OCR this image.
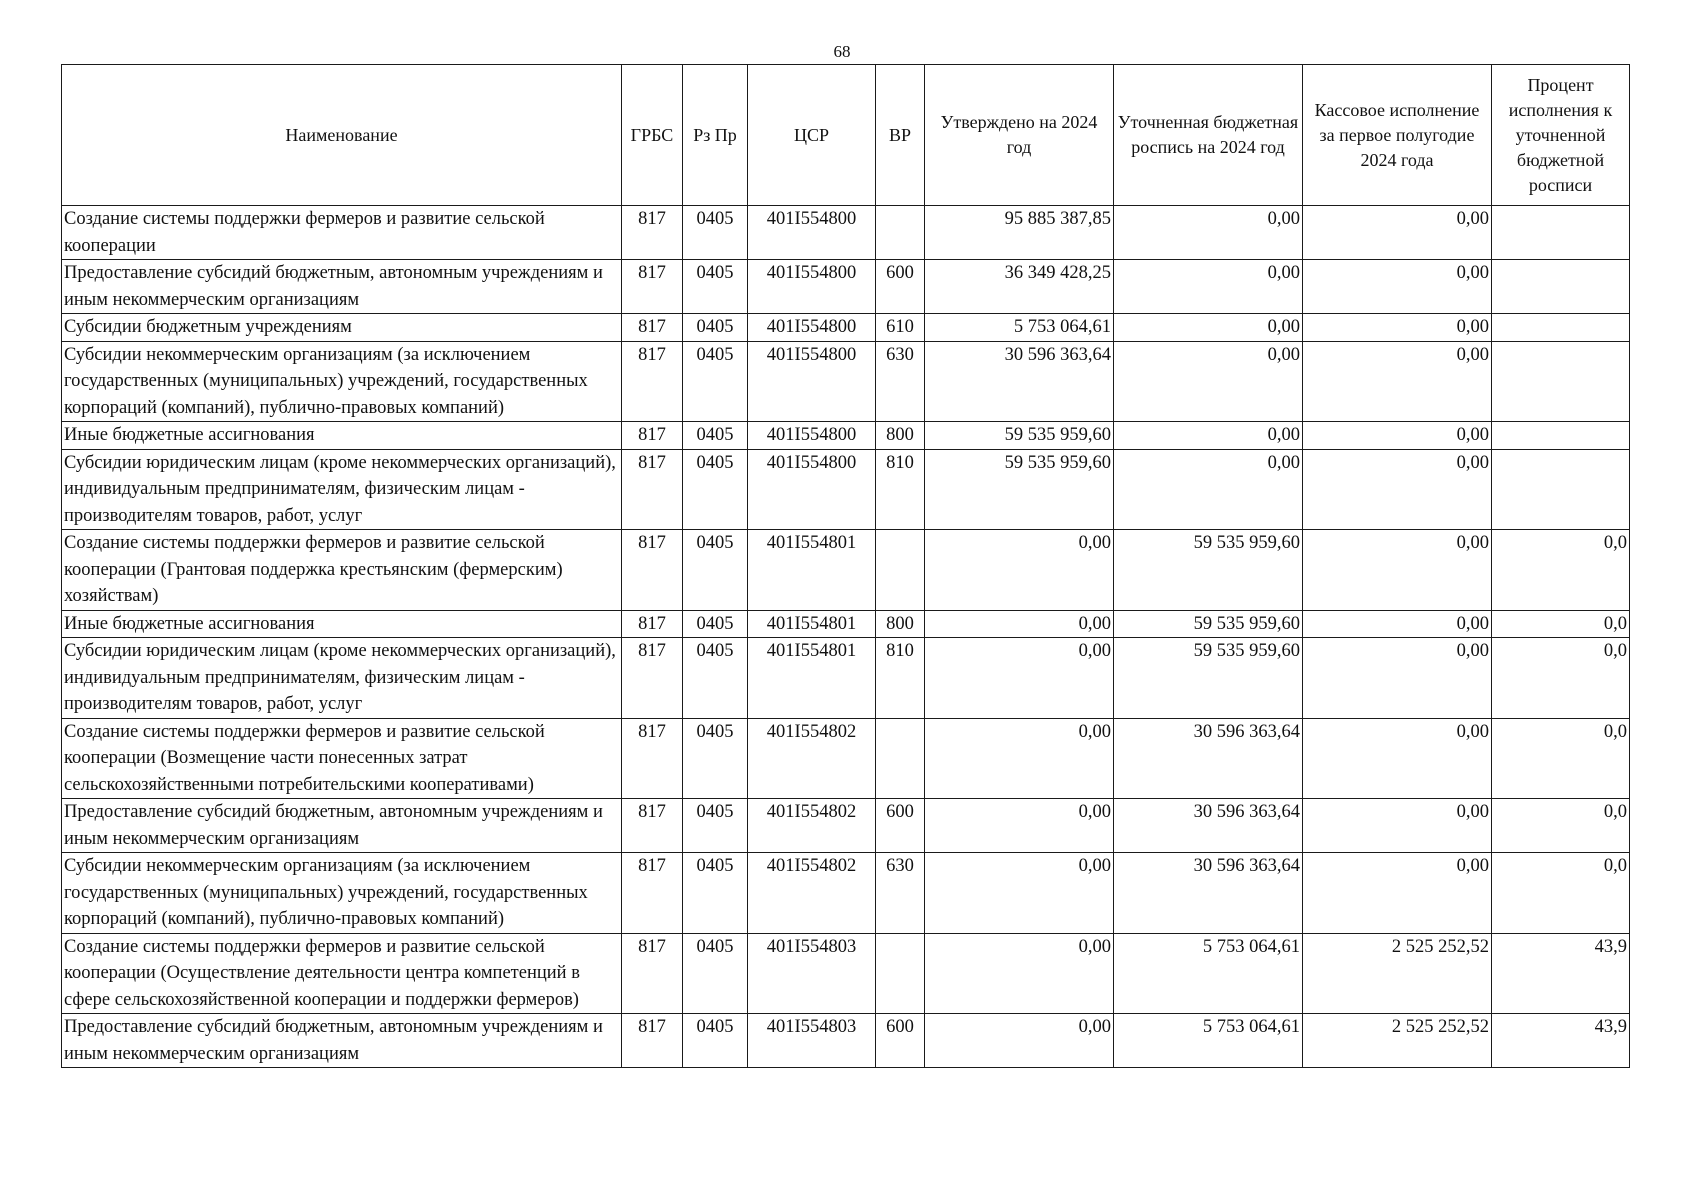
68
Наименование	ГРБС	Рз Пр	ЦСР	ВР	Утверждено на 2024 год	Уточненная бюджетная роспись на 2024 год	Кассовое исполнение за первое полугодие 2024 года	Процент исполнения к уточненной бюджетной росписи
Создание системы поддержки фермеров и развитие сельской кооперации	817	0405	401I554800		95 885 387,85	0,00	0,00	
Предоставление субсидий бюджетным, автономным учреждениям и иным некоммерческим организациям	817	0405	401I554800	600	36 349 428,25	0,00	0,00	
Субсидии бюджетным учреждениям	817	0405	401I554800	610	5 753 064,61	0,00	0,00	
Субсидии некоммерческим организациям (за исключением государственных (муниципальных) учреждений, государственных корпораций (компаний), публично-правовых компаний)	817	0405	401I554800	630	30 596 363,64	0,00	0,00	
Иные бюджетные ассигнования	817	0405	401I554800	800	59 535 959,60	0,00	0,00	
Субсидии юридическим лицам (кроме некоммерческих организаций), индивидуальным предпринимателям, физическим лицам - производителям товаров, работ, услуг	817	0405	401I554800	810	59 535 959,60	0,00	0,00	
Создание системы поддержки фермеров и развитие сельской кооперации (Грантовая поддержка крестьянским (фермерским) хозяйствам)	817	0405	401I554801		0,00	59 535 959,60	0,00	0,0
Иные бюджетные ассигнования	817	0405	401I554801	800	0,00	59 535 959,60	0,00	0,0
Субсидии юридическим лицам (кроме некоммерческих организаций), индивидуальным предпринимателям, физическим лицам - производителям товаров, работ, услуг	817	0405	401I554801	810	0,00	59 535 959,60	0,00	0,0
Создание системы поддержки фермеров и развитие сельской кооперации (Возмещение части понесенных затрат сельскохозяйственными потребительскими кооперативами)	817	0405	401I554802		0,00	30 596 363,64	0,00	0,0
Предоставление субсидий бюджетным, автономным учреждениям и иным некоммерческим организациям	817	0405	401I554802	600	0,00	30 596 363,64	0,00	0,0
Субсидии некоммерческим организациям (за исключением государственных (муниципальных) учреждений, государственных корпораций (компаний), публично-правовых компаний)	817	0405	401I554802	630	0,00	30 596 363,64	0,00	0,0
Создание системы поддержки фермеров и развитие сельской кооперации (Осуществление деятельности центра компетенций в сфере сельскохозяйственной кооперации и поддержки фермеров)	817	0405	401I554803		0,00	5 753 064,61	2 525 252,52	43,9
Предоставление субсидий бюджетным, автономным учреждениям и иным некоммерческим организациям	817	0405	401I554803	600	0,00	5 753 064,61	2 525 252,52	43,9
